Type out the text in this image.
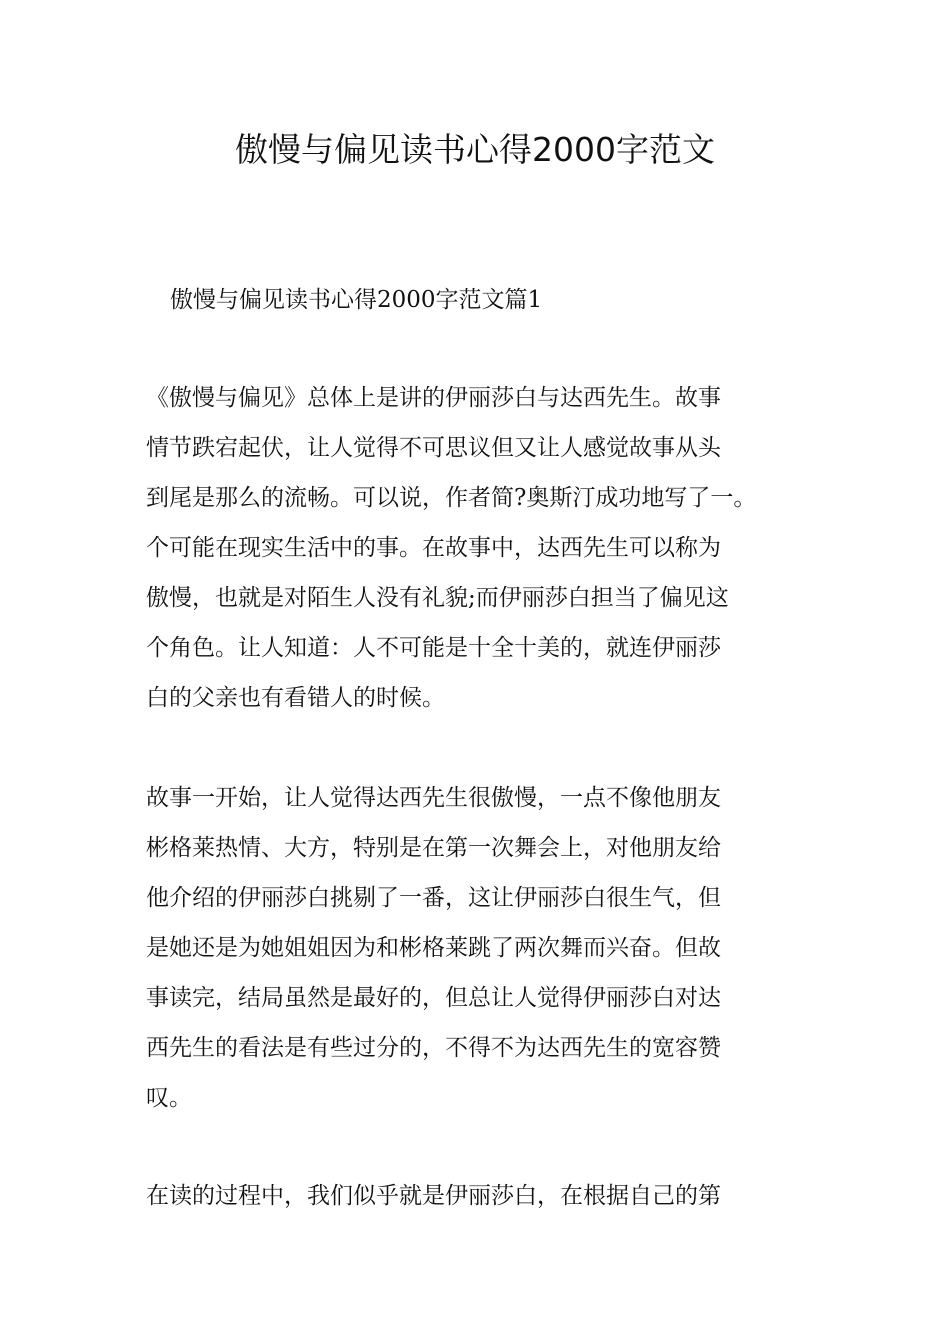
傲慢与偏见读书心得2000字范文
傲慢与偏见读书心得2000字范文篇1
《傲慢与偏见》总体上是讲的伊丽莎白与达西先生。故事
情节跌宕起伏，让人觉得不可思议但又让人感觉故事从头
到尾是那么的流畅。可以说，作者简?奥斯汀成功地写了一。
个可能在现实生活中的事。在故事中，达西先生可以称为
傲慢，也就是对陌生人没有礼貌;而伊丽莎白担当了偏见这
个角色。让人知道：人不可能是十全十美的，就连伊丽莎
白的父亲也有看错人的时候。
故事一开始，让人觉得达西先生很傲慢，一点不像他朋友
彬格莱热情、大方，特别是在第一次舞会上，对他朋友给
他介绍的伊丽莎白挑剔了一番，这让伊丽莎白很生气，但
是她还是为她姐姐因为和彬格莱跳了两次舞而兴奋。但故
事读完，结局虽然是最好的，但总让人觉得伊丽莎白对达
西先生的看法是有些过分的，不得不为达西先生的宽容赞
叹。
在读的过程中，我们似乎就是伊丽莎白，在根据自己的第
